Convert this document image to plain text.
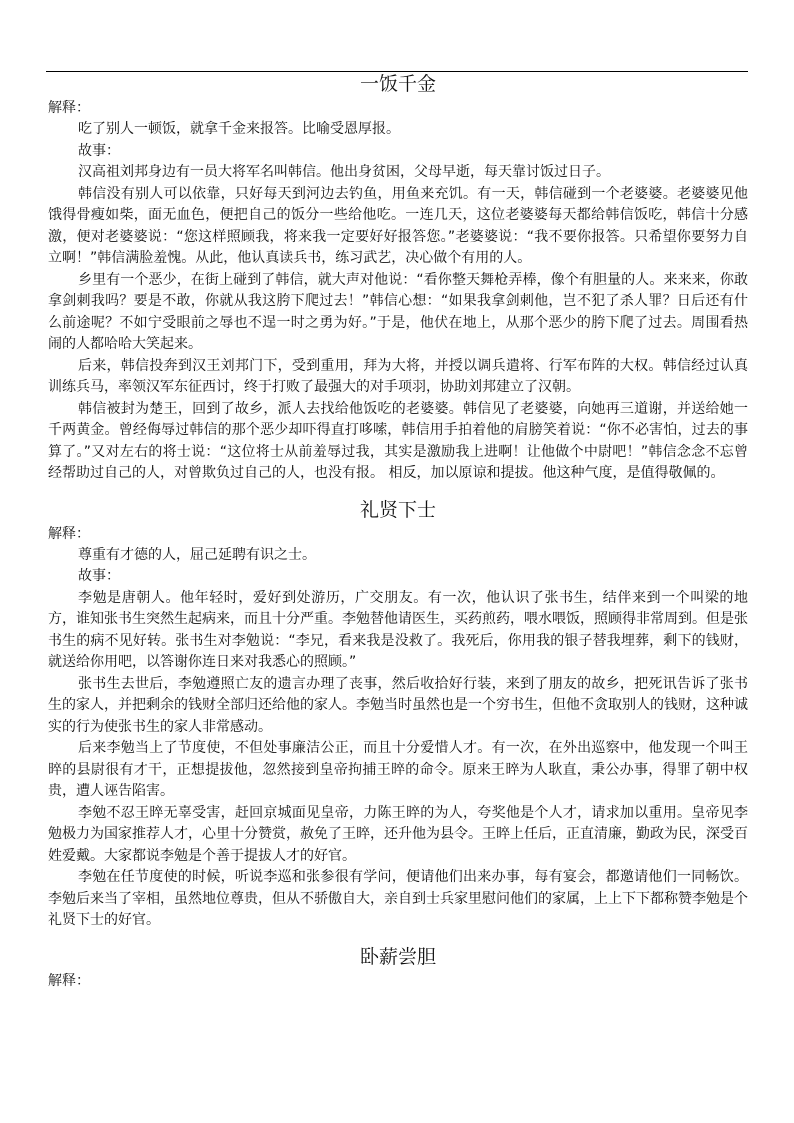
一饭千金

解释：

吃了别人一顿饭，就拿千金来报答。比喻受恩厚报。

故事：

汉高祖刘邦身边有一员大将军名叫韩信。他出身贫困，父母早逝，每天靠讨饭过日子。

韩信没有别人可以依靠，只好每天到河边去钓鱼，用鱼来充饥。有一天，韩信碰到一个老婆婆。老婆婆见他饿得骨瘦如柴，面无血色，便把自己的饭分一些给他吃。一连几天，这位老婆婆每天都给韩信饭吃，韩信十分感激，便对老婆婆说：“您这样照顾我，将来我一定要好好报答您。”老婆婆说：“我不要你报答。只希望你要努力自立啊！”韩信满脸羞愧。从此，他认真读兵书，练习武艺，决心做个有用的人。

乡里有一个恶少，在街上碰到了韩信，就大声对他说：“看你整天舞枪弄棒，像个有胆量的人。来来来，你敢拿剑刺我吗？要是不敢，你就从我这胯下爬过去！”韩信心想：“如果我拿剑刺他，岂不犯了杀人罪？日后还有什么前途呢？不如宁受眼前之辱也不逞一时之勇为好。”于是，他伏在地上，从那个恶少的胯下爬了过去。周围看热闹的人都哈哈大笑起来。

后来，韩信投奔到汉王刘邦门下，受到重用，拜为大将，并授以调兵遣将、行军布阵的大权。韩信经过认真训练兵马，率领汉军东征西讨，终于打败了最强大的对手项羽，协助刘邦建立了汉朝。

韩信被封为楚王，回到了故乡，派人去找给他饭吃的老婆婆。韩信见了老婆婆，向她再三道谢，并送给她一千两黄金。曾经侮辱过韩信的那个恶少却吓得直打哆嗦，韩信用手拍着他的肩膀笑着说：“你不必害怕，过去的事算了。”又对左右的将士说：“这位将士从前羞辱过我，其实是激励我上进啊！让他做个中尉吧！”韩信念念不忘曾经帮助过自己的人，对曾欺负过自己的人，也没有报。 相反，加以原谅和提拔。他这种气度，是值得敬佩的。

礼贤下士

解释：

尊重有才德的人，屈己延聘有识之士。

故事：

李勉是唐朝人。他年轻时，爱好到处游历，广交朋友。有一次，他认识了张书生，结伴来到一个叫梁的地方，谁知张书生突然生起病来，而且十分严重。李勉替他请医生，买药煎药，喂水喂饭，照顾得非常周到。但是张书生的病不见好转。张书生对李勉说：“李兄，看来我是没救了。我死后，你用我的银子替我埋葬，剩下的钱财，就送给你用吧，以答谢你连日来对我悉心的照顾。”

张书生去世后，李勉遵照亡友的遗言办理了丧事，然后收拾好行装，来到了朋友的故乡，把死讯告诉了张书生的家人，并把剩余的钱财全部归还给他的家人。李勉当时虽然也是一个穷书生，但他不贪取别人的钱财，这种诚实的行为使张书生的家人非常感动。

后来李勉当上了节度使，不但处事廉洁公正，而且十分爱惜人才。有一次，在外出巡察中，他发现一个叫王晬的县尉很有才干，正想提拔他，忽然接到皇帝拘捕王晬的命令。原来王晬为人耿直，秉公办事，得罪了朝中权贵，遭人诬告陷害。

李勉不忍王晬无辜受害，赶回京城面见皇帝，力陈王晬的为人，夸奖他是个人才，请求加以重用。皇帝见李勉极力为国家推荐人才，心里十分赞赏，赦免了王晬，还升他为县令。王晬上任后，正直清廉，勤政为民，深受百姓爱戴。大家都说李勉是个善于提拔人才的好官。

李勉在任节度使的时候，听说李巡和张参很有学问，便请他们出来办事，每有宴会，都邀请他们一同畅饮。李勉后来当了宰相，虽然地位尊贵，但从不骄傲自大，亲自到士兵家里慰问他们的家属，上上下下都称赞李勉是个礼贤下士的好官。

卧薪尝胆

解释：
